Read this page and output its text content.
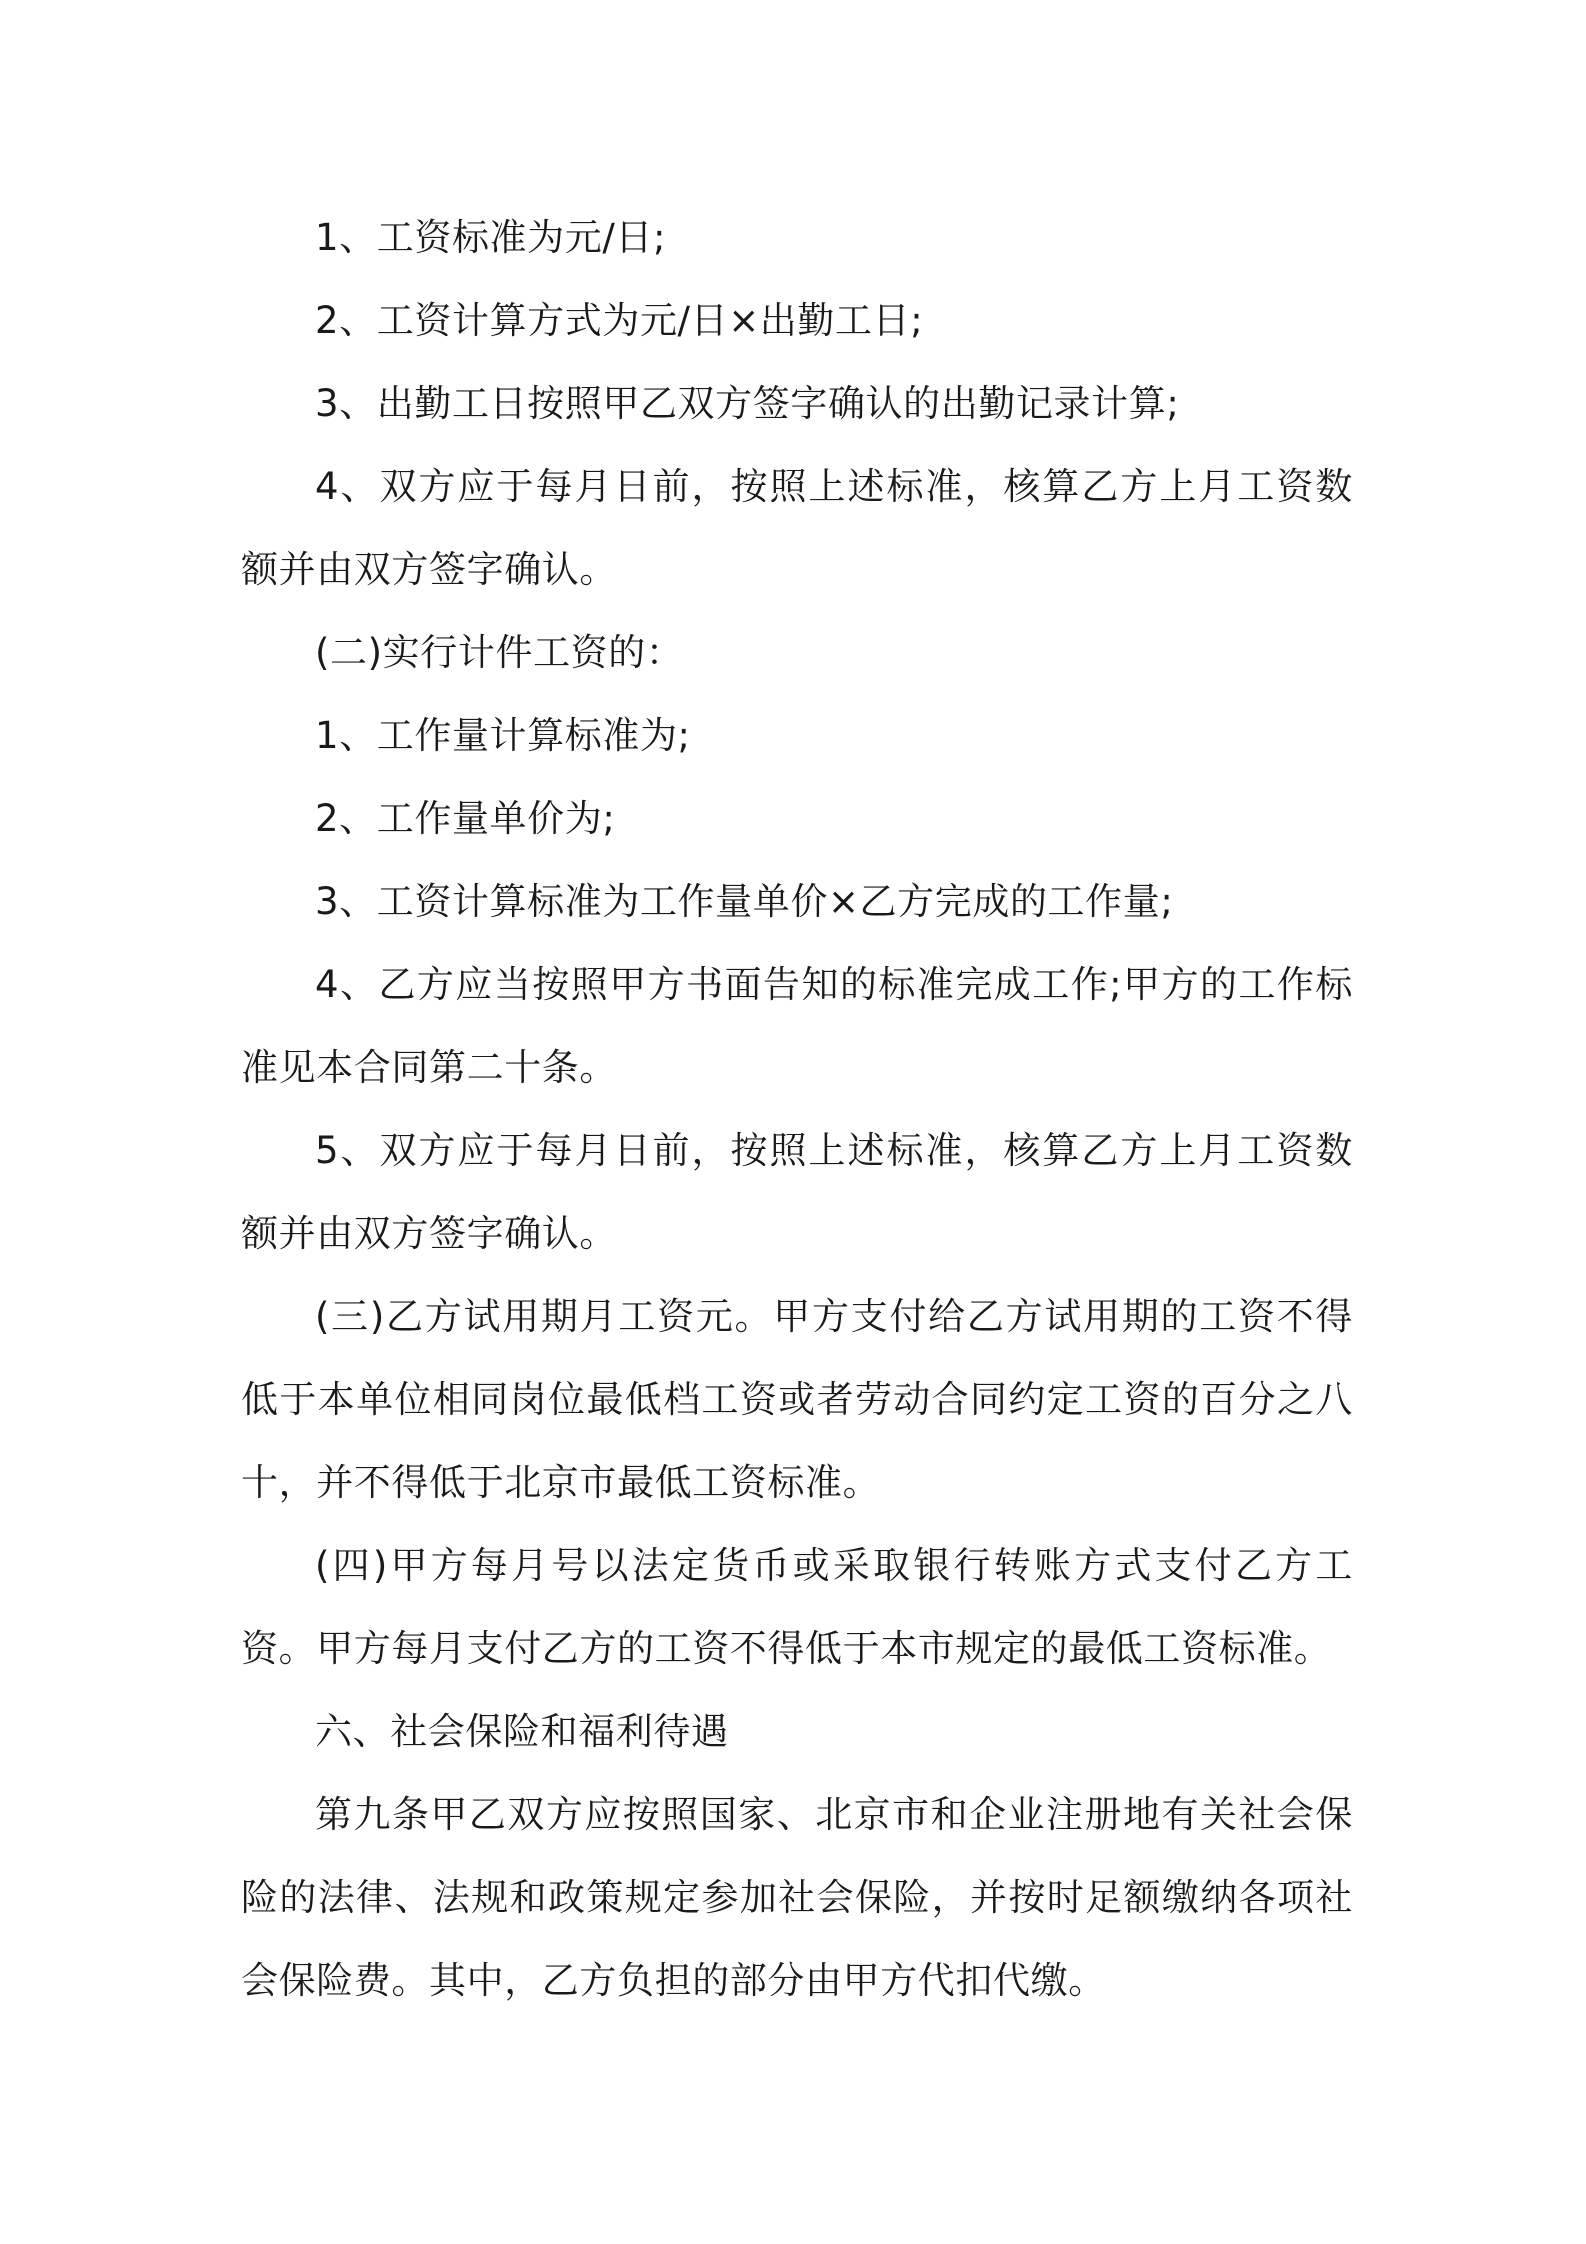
1、工资标准为元/日;

2、工资计算方式为元/日×出勤工日;

3、出勤工日按照甲乙双方签字确认的出勤记录计算;

4、双方应于每月日前，按照上述标准，核算乙方上月工资数额并由双方签字确认。

(二)实行计件工资的：

1、工作量计算标准为;

2、工作量单价为;

3、工资计算标准为工作量单价×乙方完成的工作量;

4、乙方应当按照甲方书面告知的标准完成工作;甲方的工作标准见本合同第二十条。

5、双方应于每月日前，按照上述标准，核算乙方上月工资数额并由双方签字确认。

(三)乙方试用期月工资元。甲方支付给乙方试用期的工资不得低于本单位相同岗位最低档工资或者劳动合同约定工资的百分之八十，并不得低于北京市最低工资标准。

(四)甲方每月号以法定货币或采取银行转账方式支付乙方工资。甲方每月支付乙方的工资不得低于本市规定的最低工资标准。

六、社会保险和福利待遇

第九条甲乙双方应按照国家、北京市和企业注册地有关社会保险的法律、法规和政策规定参加社会保险，并按时足额缴纳各项社会保险费。其中，乙方负担的部分由甲方代扣代缴。
